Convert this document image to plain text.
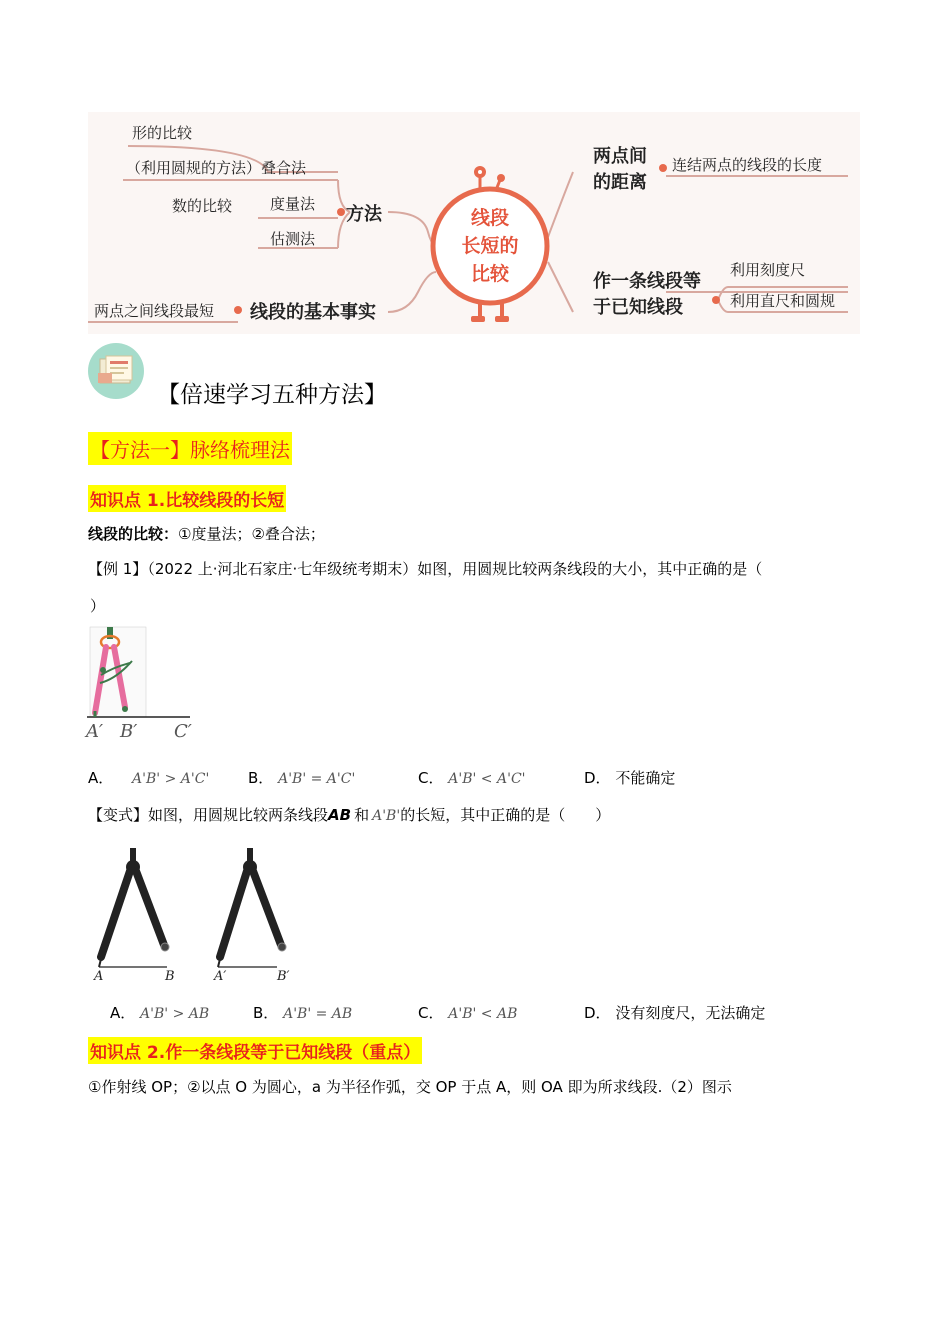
线段
长短的
比较
形的比较
（利用圆规的方法）叠合法
数的比较	度量法
估测法
方法
两点之间线段最短 线段的基本事实
两点间
的距离
连结两点的线段的长度
作一条线段等
于已知线段
利用刻度尺
利用直尺和圆规
【倍速学习五种方法】
【方法一】脉络梳理法
知识点 1.比较线段的长短
线段的比较：①度量法；②叠合法；
【例 1】（2022 上·河北石家庄·七年级统考期末）如图，用圆规比较两条线段的大小，其中正确的是（
）
A′ B′ C′
A． A'B' > A'C'	B． A'B' = A'C'	C． A'B' < A'C'	D． 不能确定
【变式】如图，用圆规比较两条线段AB 和 A'B'的长短，其中正确的是（　　）
A	B	A′	B′
A． A'B' > AB	B． A'B' = AB	C． A'B' < AB	D． 没有刻度尺，无法确定
知识点 2.作一条线段等于已知线段（重点）
①作射线 OP；②以点 O 为圆心，a 为半径作弧，交 OP 于点 A，则 OA 即为所求线段.（2）图示
